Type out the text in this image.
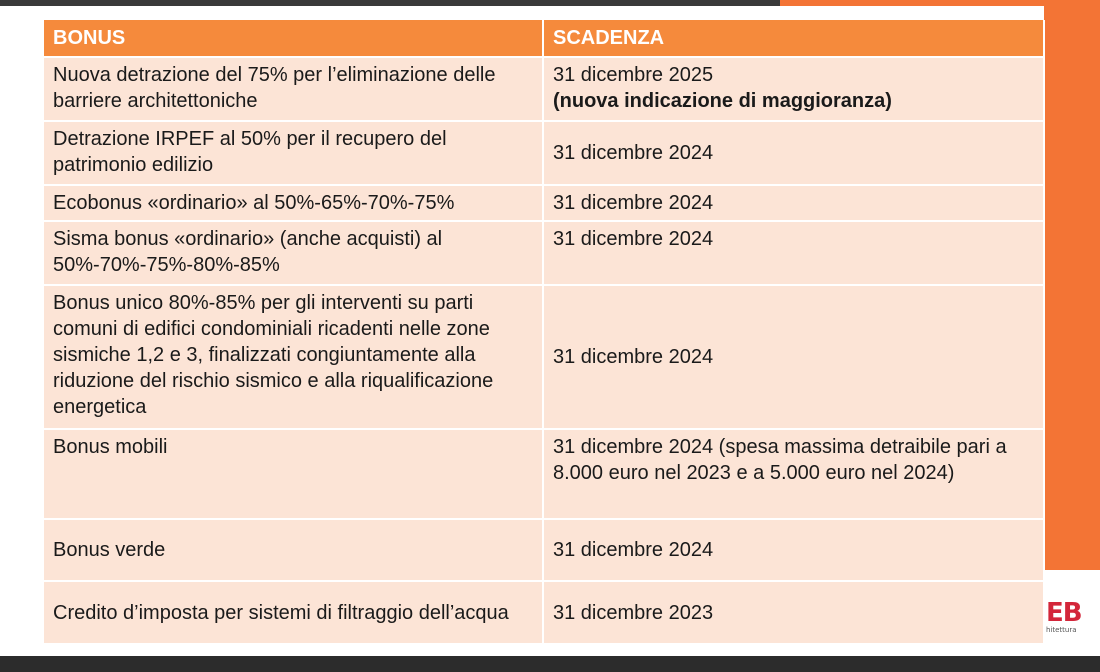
EB
hitettura
BONUS	SCADENZA
Nuova detrazione del 75% per l’eliminazione delle barriere architettoniche	31 dicembre 2025
(nuova indicazione di maggioranza)

Detrazione IRPEF al 50% per il recupero del patrimonio edilizio	31 dicembre 2024
Ecobonus «ordinario» al 50%-65%-70%-75%	31 dicembre 2024
Sisma bonus «ordinario» (anche acquisti) al 50%-70%-75%-80%-85%	31 dicembre 2024
Bonus unico 80%-85% per gli interventi su parti comuni di edifici condominiali ricadenti nelle zone sismiche 1,2 e 3, finalizzati congiuntamente alla riduzione del rischio sismico e alla riqualificazione energetica	31 dicembre 2024
Bonus mobili	31 dicembre 2024 (spesa massima detraibile pari a 8.000 euro nel 2023 e a 5.000 euro nel 2024)
Bonus verde	31 dicembre 2024
Credito d’imposta per sistemi di filtraggio dell’acqua	31 dicembre 2023
